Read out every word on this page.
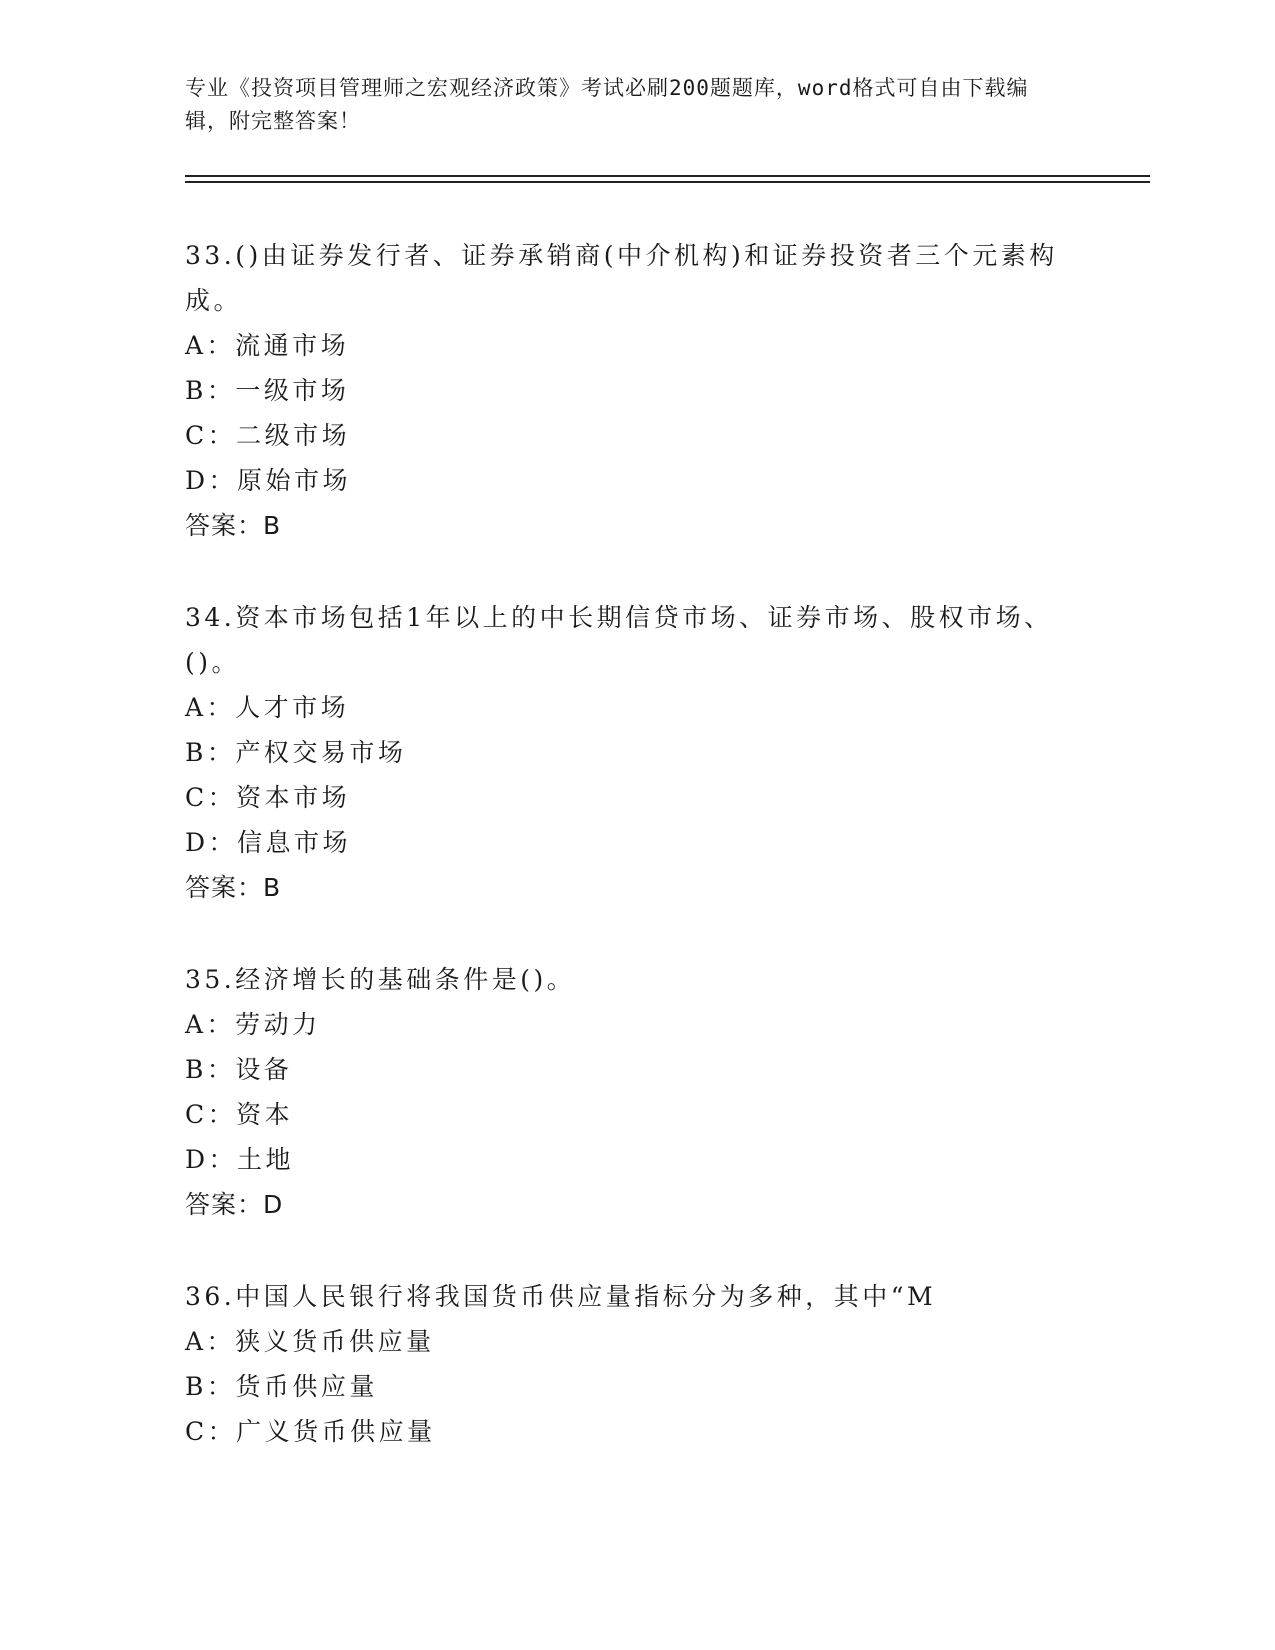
专业《投资项目管理师之宏观经济政策》考试必刷200题题库，word格式可自由下载编辑，附完整答案！
33.()由证券发行者、证券承销商(中介机构)和证券投资者三个元素构成。
A：流通市场
B：一级市场
C：二级市场
D：原始市场
答案：B
34.资本市场包括1年以上的中长期信贷市场、证券市场、股权市场、()。
A：人才市场
B：产权交易市场
C：资本市场
D：信息市场
答案：B
35.经济增长的基础条件是()。
A：劳动力
B：设备
C：资本
D：土地
答案：D
36.中国人民银行将我国货币供应量指标分为多种，其中“M
A：狭义货币供应量
B：货币供应量
C：广义货币供应量
